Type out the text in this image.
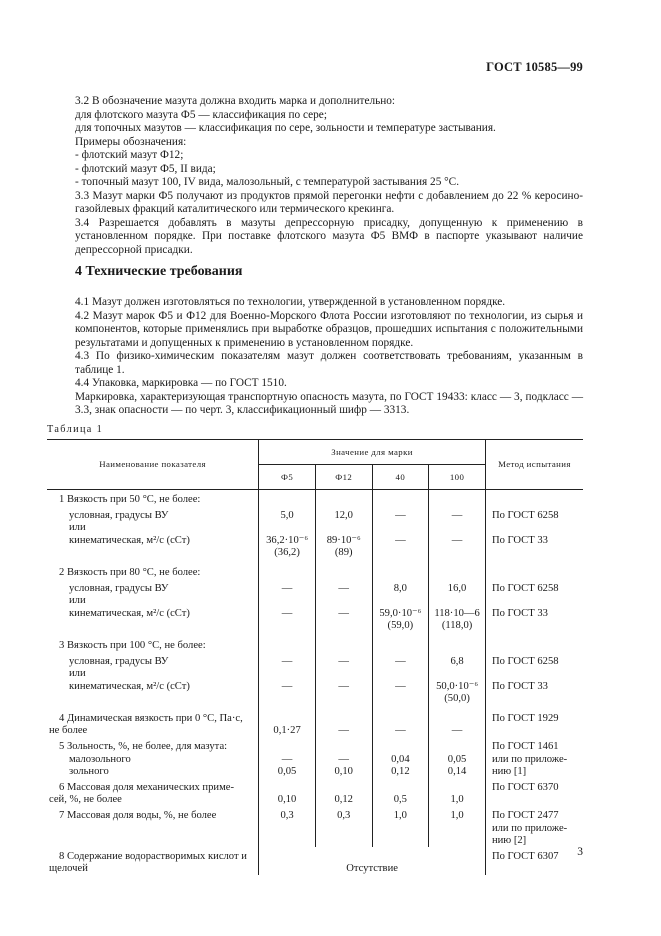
ГОСТ 10585—99

3.2 В обозначение мазута должна входить марка и дополнительно:

для флотского мазута Ф5 — классификация по сере;

для топочных мазутов — классификация по сере, зольности и температуре застывания.

Примеры обозначения:

- флотский мазут Ф12;

- флотский мазут Ф5, II вида;

- топочный мазут 100, IV вида, малозольный, с температурой застывания 25 °С.

3.3 Мазут марки Ф5 получают из продуктов прямой перегонки нефти с добавлением до 22 % керосино-газойлевых фракций каталитического или термического крекинга.

3.4 Разрешается добавлять в мазуты депрессорную присадку, допущенную к применению в установленном порядке. При поставке флотского мазута Ф5 ВМФ в паспорте указывают наличие депрессорной присадки.

4 Технические требования

4.1 Мазут должен изготовляться по технологии, утвержденной в установленном порядке.

4.2 Мазут марок Ф5 и Ф12 для Военно-Морского Флота России изготовляют по технологии, из сырья и компонентов, которые применялись при выработке образцов, прошедших испытания с положительными результатами и допущенных к применению в установленном порядке.

4.3 По физико-химическим показателям мазут должен соответствовать требованиям, указанным в таблице 1.

4.4 Упаковка, маркировка — по ГОСТ 1510.

Маркировка, характеризующая транспортную опасность мазута, по ГОСТ 19433: класс — 3, подкласс — 3.3, знак опасности — по черт. 3, классификационный шифр — 3313.

Таблица 1
Наименование показателя	Значение для марки				Метод испытания
	Ф5	Ф12	40	100	
1 Вязкость при 50 °С, не более:					
условная, градусы ВУ	5,0	12,0	—	—	По ГОСТ 6258
или					
кинематическая, м²/с (сСт)	36,2·10⁻⁶	89·10⁻⁶	—	—	По ГОСТ 33
	(36,2)	(89)			
2 Вязкость при 80 °С, не более:					
условная, градусы ВУ	—	—	8,0	16,0	По ГОСТ 6258
или					
кинематическая, м²/с (сСт)	—	—	59,0·10⁻⁶	118·10—6	По ГОСТ 33
			(59,0)	(118,0)	
3 Вязкость при 100 °С, не более:					
условная, градусы ВУ	—	—	—	6,8	По ГОСТ 6258
или					
кинематическая, м²/с (сСт)	—	—	—	50,0·10⁻⁶	По ГОСТ 33
				(50,0)	
4 Динамическая вязкость при 0 °С, Па·с,					По ГОСТ 1929
не более	0,1·27	—	—	—	
5 Зольность, %, не более, для мазута:					По ГОСТ 1461
малозольного	—	—	0,04	0,05	или по приложе-
зольного	0,05	0,10	0,12	0,14	нию [1]
6 Массовая доля механических приме-					По ГОСТ 6370
сей, %, не более	0,10	0,12	0,5	1,0	
7 Массовая доля воды, %, не более	0,3	0,3	1,0	1,0	По ГОСТ 2477
					или по приложе-
					нию [2]
8 Содержание водорастворимых кислот и					По ГОСТ 6307
щелочей	Отсутствие				
3
